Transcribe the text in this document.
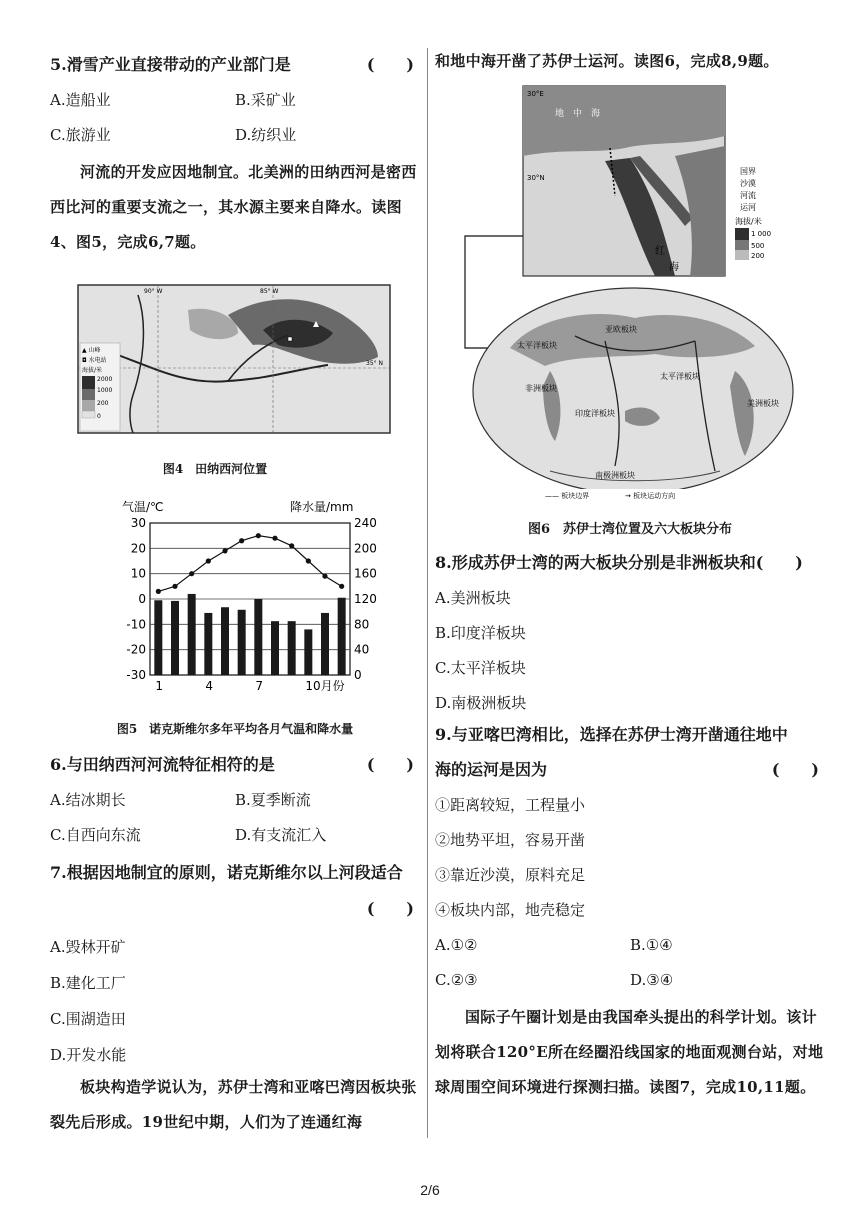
5.滑雪产业直接带动的产业部门是	(　　)

A.造船业	B.采矿业
C.旅游业	D.纺织业

河流的开发应因地制宜。北美洲的田纳西河是密西西比河的重要支流之一，其水源主要来自降水。读图4、图5，完成6,7题。

90° W	85° W
35° N
▲ 山峰
◘ 水电站
海拔/米
2000
1000
200
0
图4　田纳西河位置
气温/℃	降水量/mm
30
20
10
0
-10
-20
-30
240
200
160
120
80
40
0
1	4	7	10月份
图5　诺克斯维尔多年平均各月气温和降水量

6.与田纳西河河流特征相符的是	(　　)

A.结冰期长	B.夏季断流
C.自西向东流	D.有支流汇入

7.根据因地制宜的原则，诺克斯维尔以上河段适合

(　　)
A.毁林开矿
B.建化工厂
C.围湖造田
D.开发水能

板块构造学说认为，苏伊士湾和亚喀巴湾因板块张裂先后形成。19世纪中期，人们为了连通红海

和地中海开凿了苏伊士运河。读图6，完成8,9题。

30°E
30°N
地　中　海
红
海
国界
沙漠
河流
运河
海拔/米
1 000
500
200
亚欧板块
太平洋板块
美洲板块
非洲板块
印度洋板块
南极洲板块
太平洋板块
—— 板块边界	→ 板块运动方向
图6　苏伊士湾位置及六大板块分布

8.形成苏伊士湾的两大板块分别是非洲板块和(　　)

A.美洲板块
B.印度洋板块
C.太平洋板块
D.南极洲板块

9.与亚喀巴湾相比，选择在苏伊士湾开凿通往地中

海的运河是因为	(　　)

①距离较短，工程量小
②地势平坦，容易开凿
③靠近沙漠，原料充足
④板块内部，地壳稳定
A.①②	B.①④
C.②③	D.③④

国际子午圈计划是由我国牵头提出的科学计划。该计划将联合120°E所在经圈沿线国家的地面观测台站，对地球周围空间环境进行探测扫描。读图7，完成10,11题。

2/6
